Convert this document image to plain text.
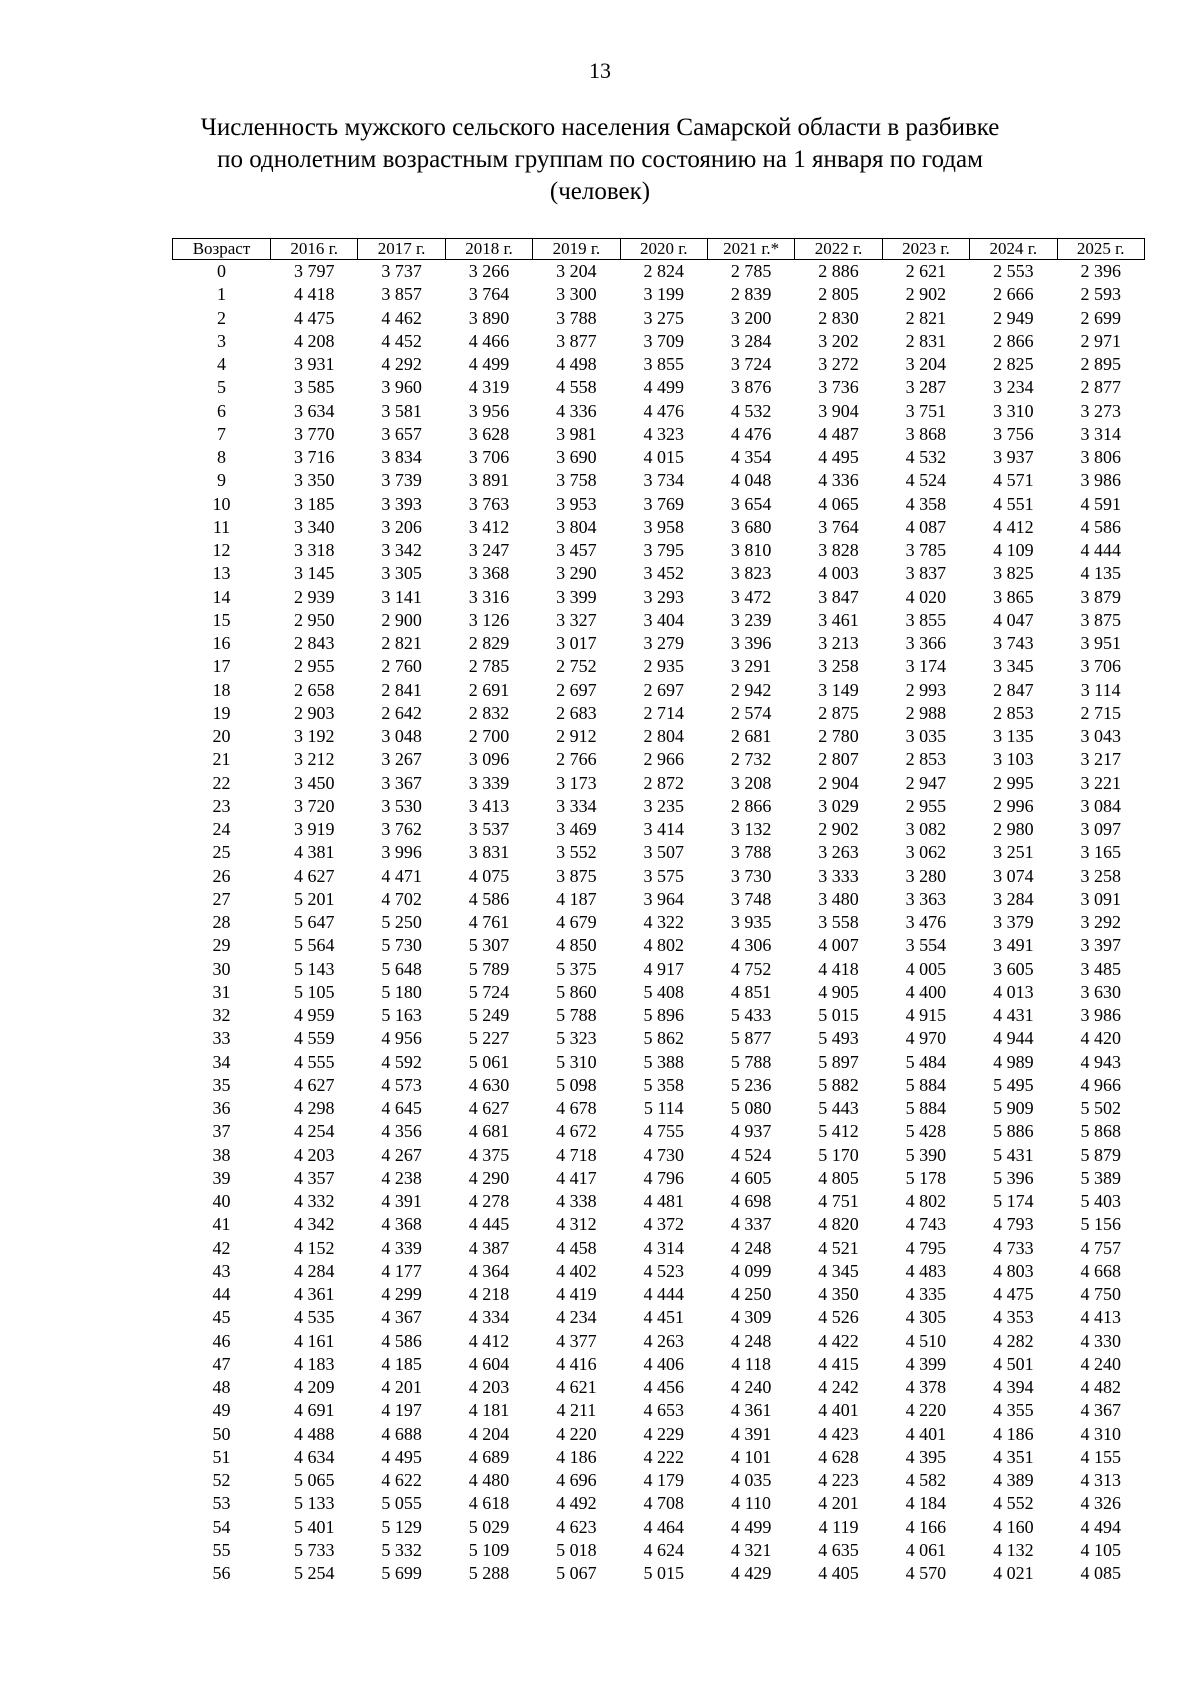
13
Численность мужского сельского населения Самарской области в разбивке
по однолетним возрастным группам по состоянию на 1 января по годам
(человек)
Возраст	2016 г.	2017 г.	2018 г.	2019 г.	2020 г.	2021 г.*	2022 г.	2023 г.	2024 г.	2025 г.
0	3 797	3 737	3 266	3 204	2 824	2 785	2 886	2 621	2 553	2 396
1	4 418	3 857	3 764	3 300	3 199	2 839	2 805	2 902	2 666	2 593
2	4 475	4 462	3 890	3 788	3 275	3 200	2 830	2 821	2 949	2 699
3	4 208	4 452	4 466	3 877	3 709	3 284	3 202	2 831	2 866	2 971
4	3 931	4 292	4 499	4 498	3 855	3 724	3 272	3 204	2 825	2 895
5	3 585	3 960	4 319	4 558	4 499	3 876	3 736	3 287	3 234	2 877
6	3 634	3 581	3 956	4 336	4 476	4 532	3 904	3 751	3 310	3 273
7	3 770	3 657	3 628	3 981	4 323	4 476	4 487	3 868	3 756	3 314
8	3 716	3 834	3 706	3 690	4 015	4 354	4 495	4 532	3 937	3 806
9	3 350	3 739	3 891	3 758	3 734	4 048	4 336	4 524	4 571	3 986
10	3 185	3 393	3 763	3 953	3 769	3 654	4 065	4 358	4 551	4 591
11	3 340	3 206	3 412	3 804	3 958	3 680	3 764	4 087	4 412	4 586
12	3 318	3 342	3 247	3 457	3 795	3 810	3 828	3 785	4 109	4 444
13	3 145	3 305	3 368	3 290	3 452	3 823	4 003	3 837	3 825	4 135
14	2 939	3 141	3 316	3 399	3 293	3 472	3 847	4 020	3 865	3 879
15	2 950	2 900	3 126	3 327	3 404	3 239	3 461	3 855	4 047	3 875
16	2 843	2 821	2 829	3 017	3 279	3 396	3 213	3 366	3 743	3 951
17	2 955	2 760	2 785	2 752	2 935	3 291	3 258	3 174	3 345	3 706
18	2 658	2 841	2 691	2 697	2 697	2 942	3 149	2 993	2 847	3 114
19	2 903	2 642	2 832	2 683	2 714	2 574	2 875	2 988	2 853	2 715
20	3 192	3 048	2 700	2 912	2 804	2 681	2 780	3 035	3 135	3 043
21	3 212	3 267	3 096	2 766	2 966	2 732	2 807	2 853	3 103	3 217
22	3 450	3 367	3 339	3 173	2 872	3 208	2 904	2 947	2 995	3 221
23	3 720	3 530	3 413	3 334	3 235	2 866	3 029	2 955	2 996	3 084
24	3 919	3 762	3 537	3 469	3 414	3 132	2 902	3 082	2 980	3 097
25	4 381	3 996	3 831	3 552	3 507	3 788	3 263	3 062	3 251	3 165
26	4 627	4 471	4 075	3 875	3 575	3 730	3 333	3 280	3 074	3 258
27	5 201	4 702	4 586	4 187	3 964	3 748	3 480	3 363	3 284	3 091
28	5 647	5 250	4 761	4 679	4 322	3 935	3 558	3 476	3 379	3 292
29	5 564	5 730	5 307	4 850	4 802	4 306	4 007	3 554	3 491	3 397
30	5 143	5 648	5 789	5 375	4 917	4 752	4 418	4 005	3 605	3 485
31	5 105	5 180	5 724	5 860	5 408	4 851	4 905	4 400	4 013	3 630
32	4 959	5 163	5 249	5 788	5 896	5 433	5 015	4 915	4 431	3 986
33	4 559	4 956	5 227	5 323	5 862	5 877	5 493	4 970	4 944	4 420
34	4 555	4 592	5 061	5 310	5 388	5 788	5 897	5 484	4 989	4 943
35	4 627	4 573	4 630	5 098	5 358	5 236	5 882	5 884	5 495	4 966
36	4 298	4 645	4 627	4 678	5 114	5 080	5 443	5 884	5 909	5 502
37	4 254	4 356	4 681	4 672	4 755	4 937	5 412	5 428	5 886	5 868
38	4 203	4 267	4 375	4 718	4 730	4 524	5 170	5 390	5 431	5 879
39	4 357	4 238	4 290	4 417	4 796	4 605	4 805	5 178	5 396	5 389
40	4 332	4 391	4 278	4 338	4 481	4 698	4 751	4 802	5 174	5 403
41	4 342	4 368	4 445	4 312	4 372	4 337	4 820	4 743	4 793	5 156
42	4 152	4 339	4 387	4 458	4 314	4 248	4 521	4 795	4 733	4 757
43	4 284	4 177	4 364	4 402	4 523	4 099	4 345	4 483	4 803	4 668
44	4 361	4 299	4 218	4 419	4 444	4 250	4 350	4 335	4 475	4 750
45	4 535	4 367	4 334	4 234	4 451	4 309	4 526	4 305	4 353	4 413
46	4 161	4 586	4 412	4 377	4 263	4 248	4 422	4 510	4 282	4 330
47	4 183	4 185	4 604	4 416	4 406	4 118	4 415	4 399	4 501	4 240
48	4 209	4 201	4 203	4 621	4 456	4 240	4 242	4 378	4 394	4 482
49	4 691	4 197	4 181	4 211	4 653	4 361	4 401	4 220	4 355	4 367
50	4 488	4 688	4 204	4 220	4 229	4 391	4 423	4 401	4 186	4 310
51	4 634	4 495	4 689	4 186	4 222	4 101	4 628	4 395	4 351	4 155
52	5 065	4 622	4 480	4 696	4 179	4 035	4 223	4 582	4 389	4 313
53	5 133	5 055	4 618	4 492	4 708	4 110	4 201	4 184	4 552	4 326
54	5 401	5 129	5 029	4 623	4 464	4 499	4 119	4 166	4 160	4 494
55	5 733	5 332	5 109	5 018	4 624	4 321	4 635	4 061	4 132	4 105
56	5 254	5 699	5 288	5 067	5 015	4 429	4 405	4 570	4 021	4 085
